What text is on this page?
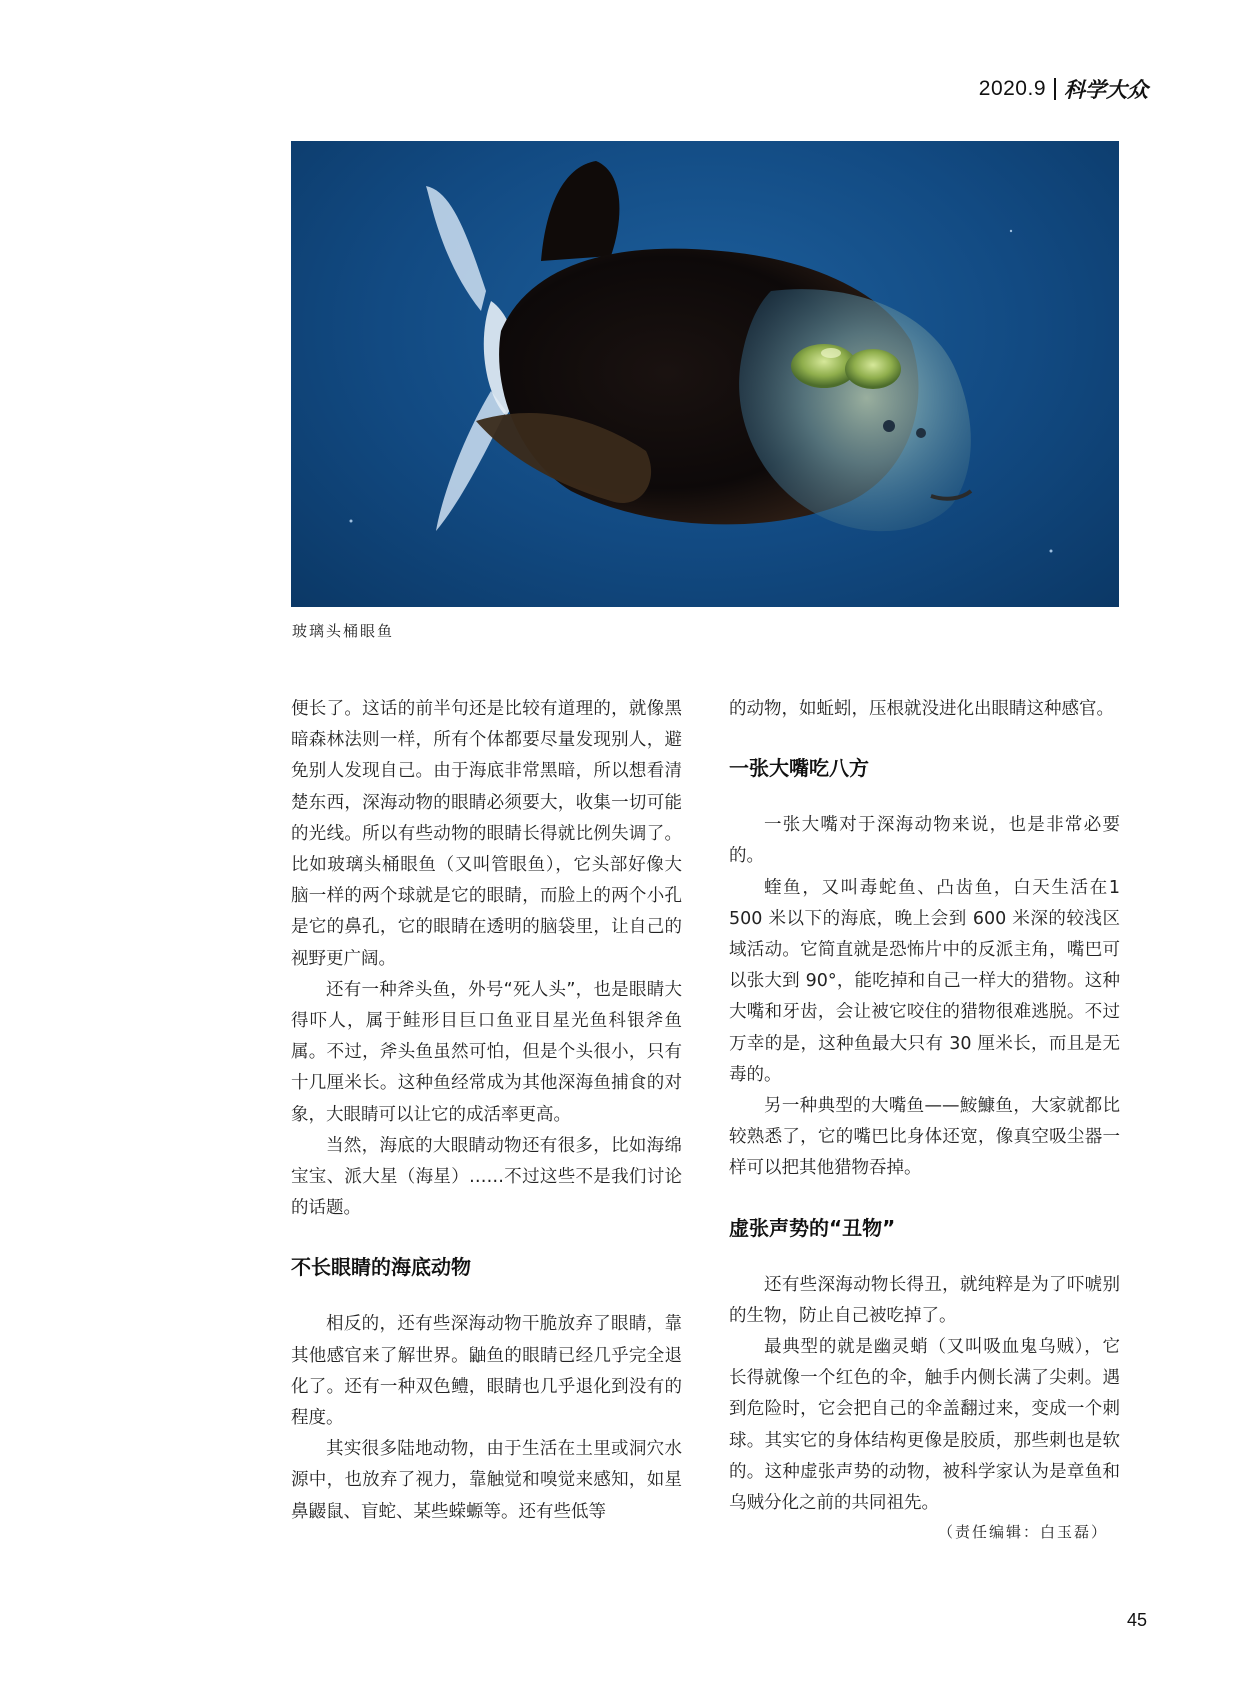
2020.9 科学大众
玻璃头桶眼鱼

便长了。这话的前半句还是比较有道理的，就像黑暗森林法则一样，所有个体都要尽量发现别人，避免别人发现自己。由于海底非常黑暗，所以想看清楚东西，深海动物的眼睛必须要大，收集一切可能的光线。所以有些动物的眼睛长得就比例失调了。比如玻璃头桶眼鱼（又叫管眼鱼），它头部好像大脑一样的两个球就是它的眼睛，而脸上的两个小孔是它的鼻孔，它的眼睛在透明的脑袋里，让自己的视野更广阔。

还有一种斧头鱼，外号“死人头”，也是眼睛大得吓人，属于鲑形目巨口鱼亚目星光鱼科银斧鱼属。不过，斧头鱼虽然可怕，但是个头很小，只有十几厘米长。这种鱼经常成为其他深海鱼捕食的对象，大眼睛可以让它的成活率更高。

当然，海底的大眼睛动物还有很多，比如海绵宝宝、派大星（海星）……不过这些不是我们讨论的话题。

不长眼睛的海底动物

相反的，还有些深海动物干脆放弃了眼睛，靠其他感官来了解世界。鼬鱼的眼睛已经几乎完全退化了。还有一种双色鳢，眼睛也几乎退化到没有的程度。

其实很多陆地动物，由于生活在土里或洞穴水源中，也放弃了视力，靠触觉和嗅觉来感知，如星鼻鼹鼠、盲蛇、某些蝾螈等。还有些低等

的动物，如蚯蚓，压根就没进化出眼睛这种感官。

一张大嘴吃八方

一张大嘴对于深海动物来说，也是非常必要的。

蝰鱼，又叫毒蛇鱼、凸齿鱼，白天生活在1 500 米以下的海底，晚上会到 600 米深的较浅区域活动。它简直就是恐怖片中的反派主角，嘴巴可以张大到 90°，能吃掉和自己一样大的猎物。这种大嘴和牙齿，会让被它咬住的猎物很难逃脱。不过万幸的是，这种鱼最大只有 30 厘米长，而且是无毒的。

另一种典型的大嘴鱼——鮟鱇鱼，大家就都比较熟悉了，它的嘴巴比身体还宽，像真空吸尘器一样可以把其他猎物吞掉。

虚张声势的“丑物”

还有些深海动物长得丑，就纯粹是为了吓唬别的生物，防止自己被吃掉了。

最典型的就是幽灵蛸（又叫吸血鬼乌贼），它长得就像一个红色的伞，触手内侧长满了尖刺。遇到危险时，它会把自己的伞盖翻过来，变成一个刺球。其实它的身体结构更像是胶质，那些刺也是软的。这种虚张声势的动物，被科学家认为是章鱼和乌贼分化之前的共同祖先。

（责任编辑：白玉磊）
45
